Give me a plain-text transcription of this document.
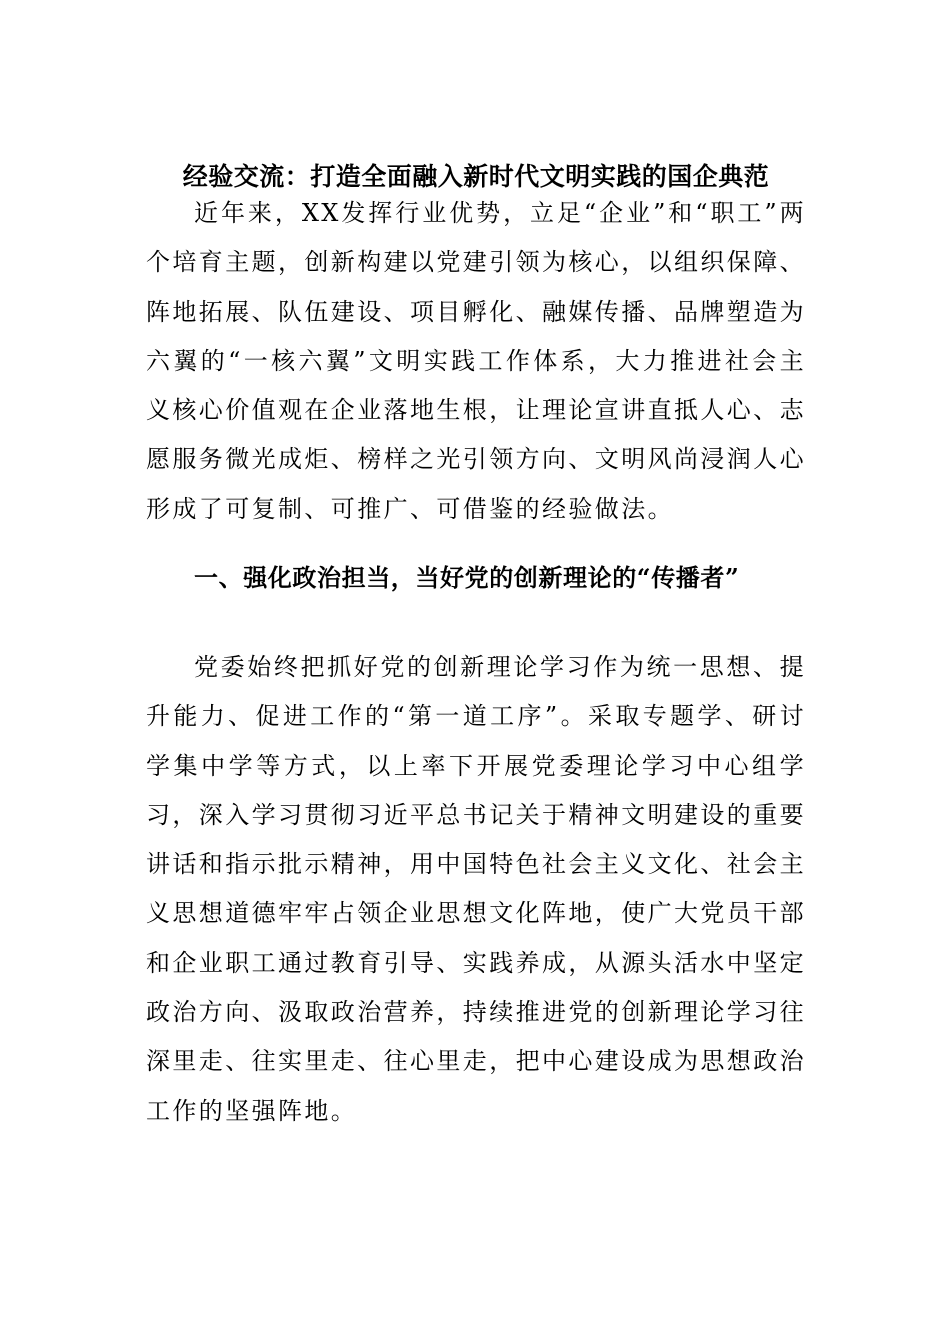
经验交流：打造全面融入新时代文明实践的国企典范

近年来，XX发挥行业优势，立足“企业”和“职工”两个培育主题，创新构建以党建引领为核心，以组织保障、阵地拓展、队伍建设、项目孵化、融媒传播、品牌塑造为六翼的“一核六翼”文明实践工作体系，大力推进社会主义核心价值观在企业落地生根，让理论宣讲直抵人心、志愿服务微光成炬、榜样之光引领方向、文明风尚浸润人心形成了可复制、可推广、可借鉴的经验做法。

一、强化政治担当，当好党的创新理论的“传播者”

党委始终把抓好党的创新理论学习作为统一思想、提升能力、促进工作的“第一道工序”。采取专题学、研讨学集中学等方式，以上率下开展党委理论学习中心组学习，深入学习贯彻习近平总书记关于精神文明建设的重要讲话和指示批示精神，用中国特色社会主义文化、社会主义思想道德牢牢占领企业思想文化阵地，使广大党员干部和企业职工通过教育引导、实践养成，从源头活水中坚定政治方向、汲取政治营养，持续推进党的创新理论学习往深里走、往实里走、往心里走，把中心建设成为思想政治工作的坚强阵地。
